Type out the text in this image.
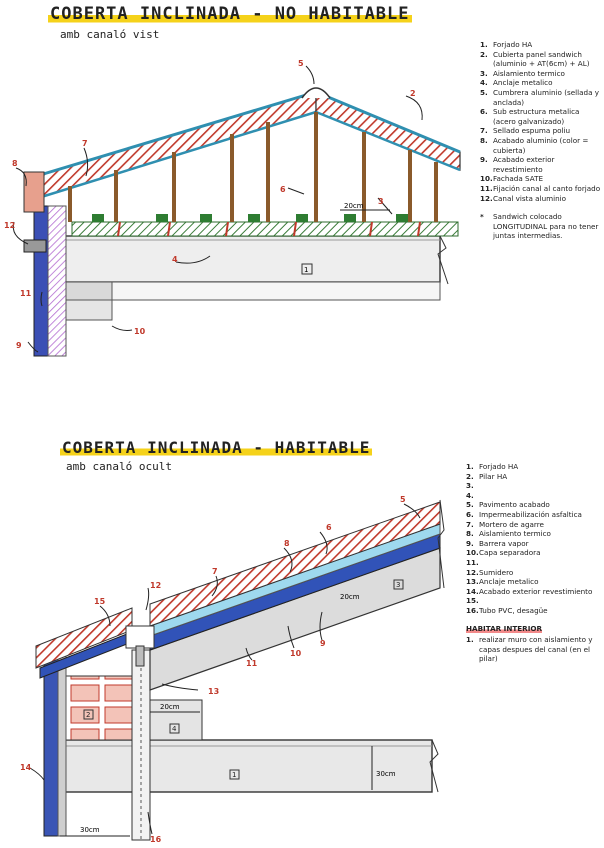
20cm
5
2
7
8
6
3
12
4
11
10
9
1
20cm
20cm
30cm
30cm
5
6
8
7
15
12
9
10
11
13
14
16
3
2
4
1
COBERTA INCLINADA - NO HABITABLE
amb canaló vist
COBERTA INCLINADA - HABITABLE
amb canaló ocult
1. Forjado HA
2. Cubierta panel sandwich (aluminio + AT(6cm) + AL)
3. Aislamiento termico
4. Anclaje metalico
5. Cumbrera aluminio (sellada y anclada)
6. Sub estructura metalica (acero galvanizado)
7. Sellado espuma poliu
8. Acabado aluminio (color = cubierta)
9. Acabado exterior revestimiento
10. Fachada SATE
11. Fijación canal al canto forjado
12. Canal vista aluminio
*	Sandwich colocado LONGITUDINAL para no tener juntas intermedias.
1. Forjado HA
2. Pilar HA
3.
4.
5. Pavimento acabado
6. Impermeabilización asfaltica
7. Mortero de agarre
8. Aislamiento termico
9. Barrera vapor
10. Capa separadora
11.
12. Sumidero
13. Anclaje metalico
14. Acabado exterior revestimiento
15.
16. Tubo PVC, desagüe
HABITAR INTERIOR
1. realizar muro con aislamiento y capas despues del canal (en el pilar)
